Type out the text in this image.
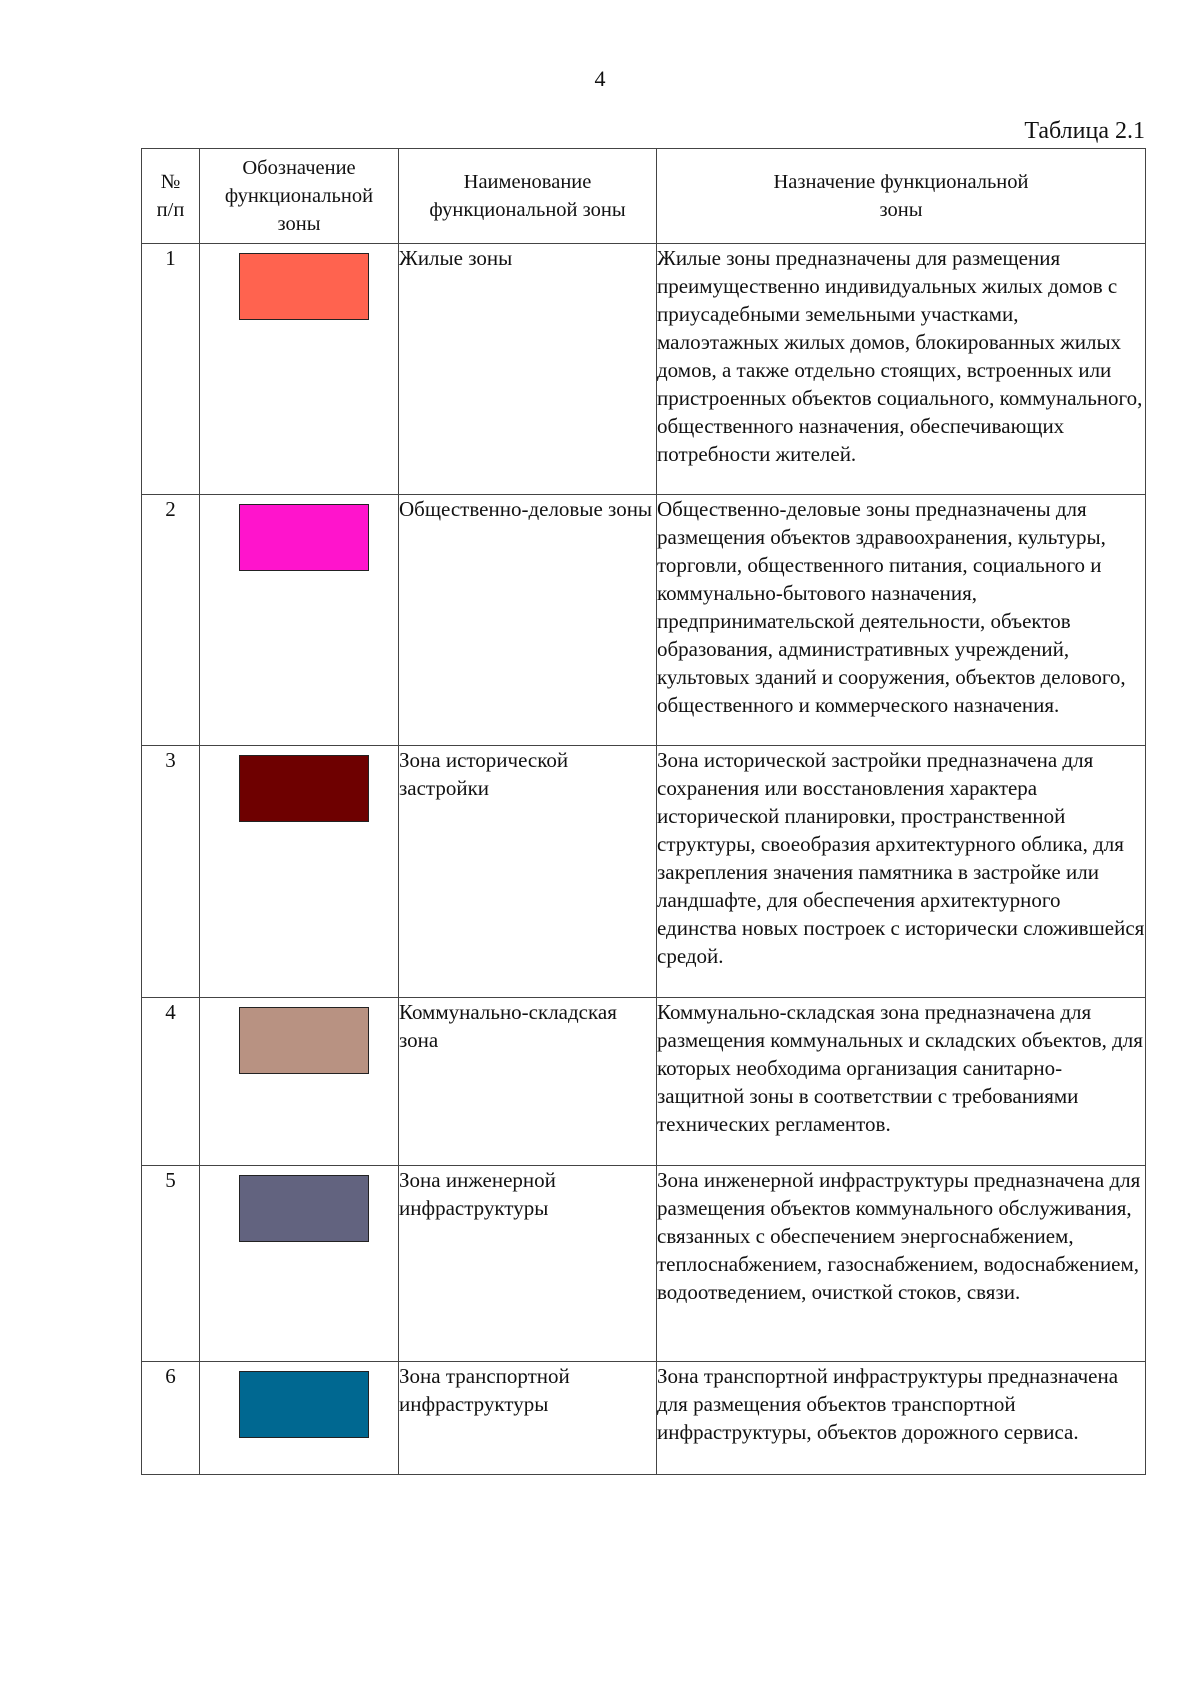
4
Таблица 2.1
№
п/п	Обозначение функциональной зоны	Наименование функциональной зоны	Назначение функциональной зоны
1		Жилые зоны	Жилые зоны предназначены для размещения преимущественно индивидуальных жилых домов с приусадебными земельными участками, малоэтажных жилых домов, блокированных жилых домов, а также отдельно стоящих, встроенных или пристроенных объектов социального, коммунального, общественного назначения, обеспечивающих потребности жителей.
2		Общественно-деловые зоны	Общественно-деловые зоны предназначены для размещения объектов здравоохранения, культуры, торговли, общественного питания, социального и коммунально-бытового назначения, предпринимательской деятельности, объектов образования, административных учреждений, культовых зданий и сооружения, объектов делового, общественного и коммерческого назначения.
3		Зона исторической застройки	Зона исторической застройки предназначена для сохранения или восстановления характера исторической планировки, пространственной структуры, своеобразия архитектурного облика, для закрепления значения памятника в застройке или ландшафте, для обеспечения архитектурного единства новых построек с исторически сложившейся средой.
4		Коммунально-складская зона	Коммунально-складская зона предназначена для размещения коммунальных и складских объектов, для которых необходима организация санитарно-защитной зоны в соответствии с требованиями технических регламентов.
5		Зона инженерной инфраструктуры	Зона инженерной инфраструктуры предназначена для размещения объектов коммунального обслуживания, связанных с обеспечением энергоснабжением, теплоснабжением, газоснабжением, водоснабжением, водоотведением, очисткой стоков, связи.
6		Зона транспортной инфраструктуры	Зона транспортной инфраструктуры предназначена для размещения объектов транспортной инфраструктуры, объектов дорожного сервиса.
